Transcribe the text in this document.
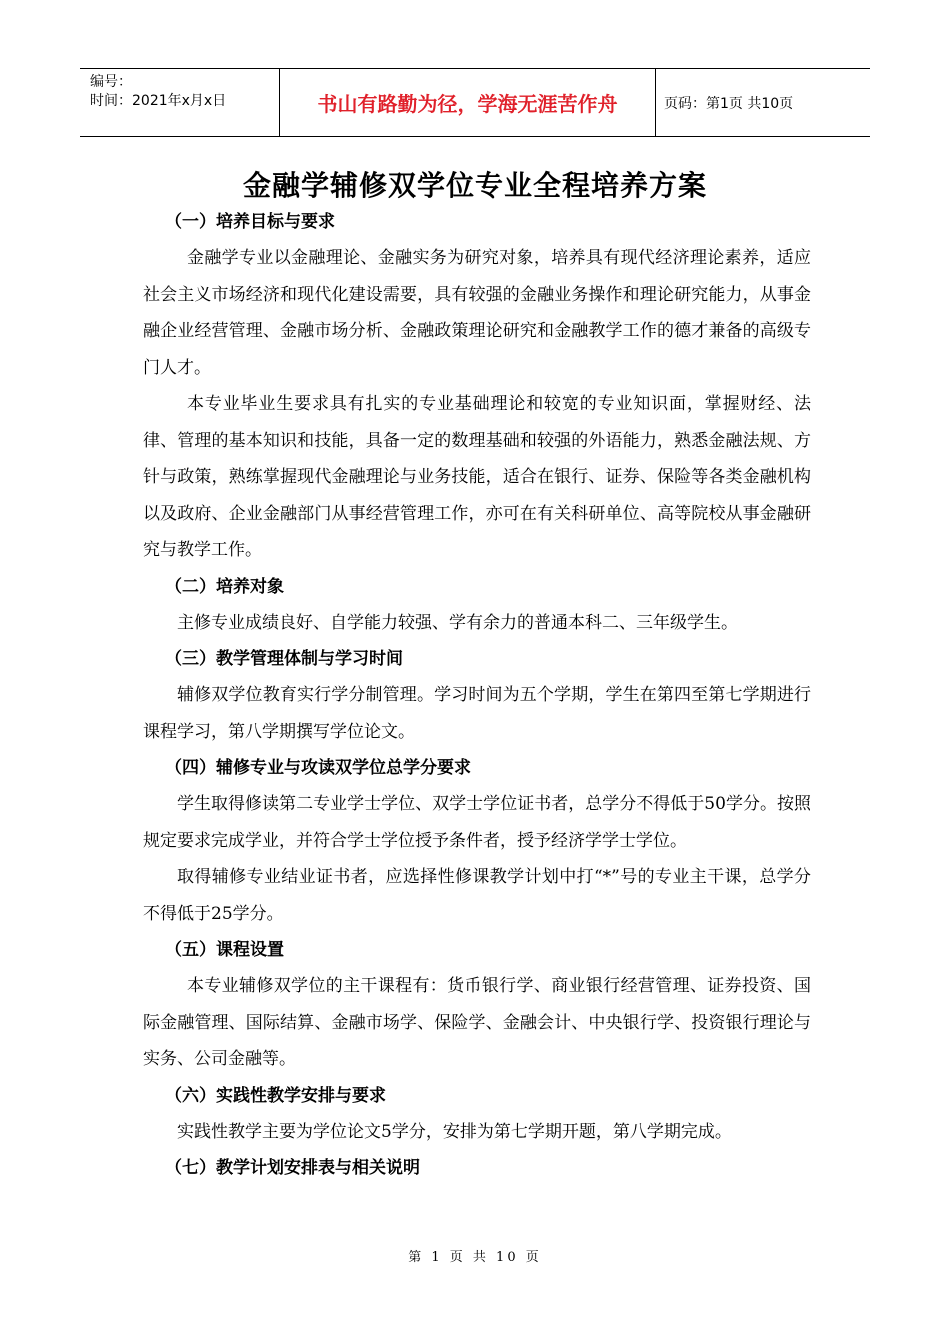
编号：
时间：2021年x月x日	书山有路勤为径，学海无涯苦作舟	页码：第1页 共10页
金融学辅修双学位专业全程培养方案
（一）培养目标与要求

金融学专业以金融理论、金融实务为研究对象，培养具有现代经济理论素养，适应社会主义市场经济和现代化建设需要，具有较强的金融业务操作和理论研究能力，从事金融企业经营管理、金融市场分析、金融政策理论研究和金融教学工作的德才兼备的高级专门人才。

本专业毕业生要求具有扎实的专业基础理论和较宽的专业知识面，掌握财经、法律、管理的基本知识和技能，具备一定的数理基础和较强的外语能力，熟悉金融法规、方针与政策，熟练掌握现代金融理论与业务技能，适合在银行、证券、保险等各类金融机构以及政府、企业金融部门从事经营管理工作，亦可在有关科研单位、高等院校从事金融研究与教学工作。

（二）培养对象

主修专业成绩良好、自学能力较强、学有余力的普通本科二、三年级学生。

（三）教学管理体制与学习时间

辅修双学位教育实行学分制管理。学习时间为五个学期，学生在第四至第七学期进行课程学习，第八学期撰写学位论文。

（四）辅修专业与攻读双学位总学分要求

学生取得修读第二专业学士学位、双学士学位证书者，总学分不得低于50学分。按照规定要求完成学业，并符合学士学位授予条件者，授予经济学学士学位。

取得辅修专业结业证书者，应选择性修课教学计划中打“*”号的专业主干课，总学分不得低于25学分。

（五）课程设置

本专业辅修双学位的主干课程有：货币银行学、商业银行经营管理、证券投资、国际金融管理、国际结算、金融市场学、保险学、金融会计、中央银行学、投资银行理论与实务、公司金融等。

（六）实践性教学安排与要求

实践性教学主要为学位论文5学分，安排为第七学期开题，第八学期完成。

（七）教学计划安排表与相关说明
第 1 页 共 10 页
